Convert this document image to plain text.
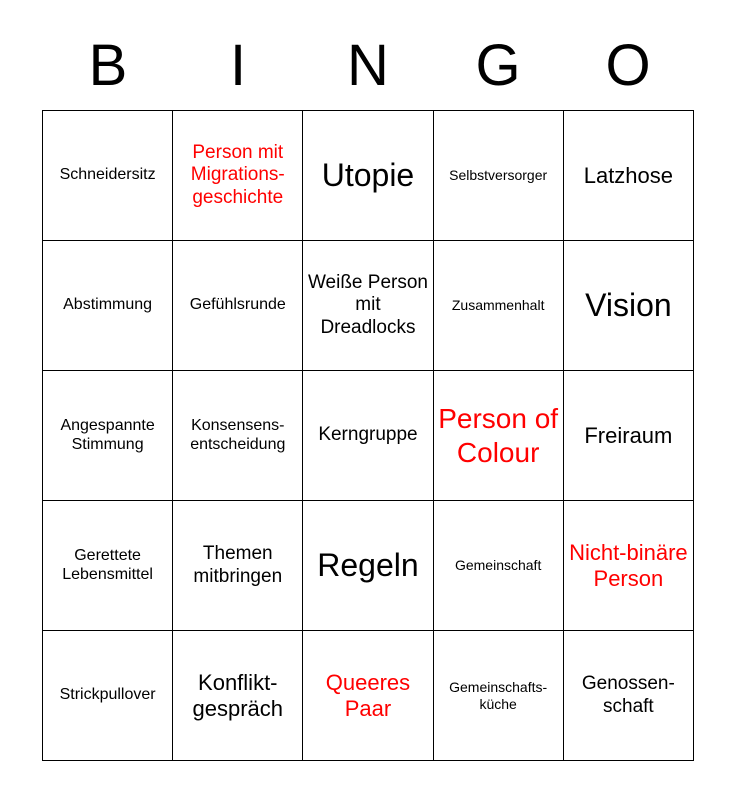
B	I	N	G	O
Schneidersitz	Person mit Migrations-geschichte	Utopie	Selbstversorger	Latzhose

Abstimmung	Gefühlsrunde	Weiße Person mit Dreadlocks	Zusammenhalt	Vision

Angespannte Stimmung	Konsensens-entscheidung	Kerngruppe	Person of Colour	Freiraum

Gerettete Lebensmittel	Themen mitbringen	Regeln	Gemeinschaft	Nicht-binäre Person

Strickpullover	Konflikt-gespräch	Queeres Paar	Gemeinschafts-küche	Genossen-schaft
